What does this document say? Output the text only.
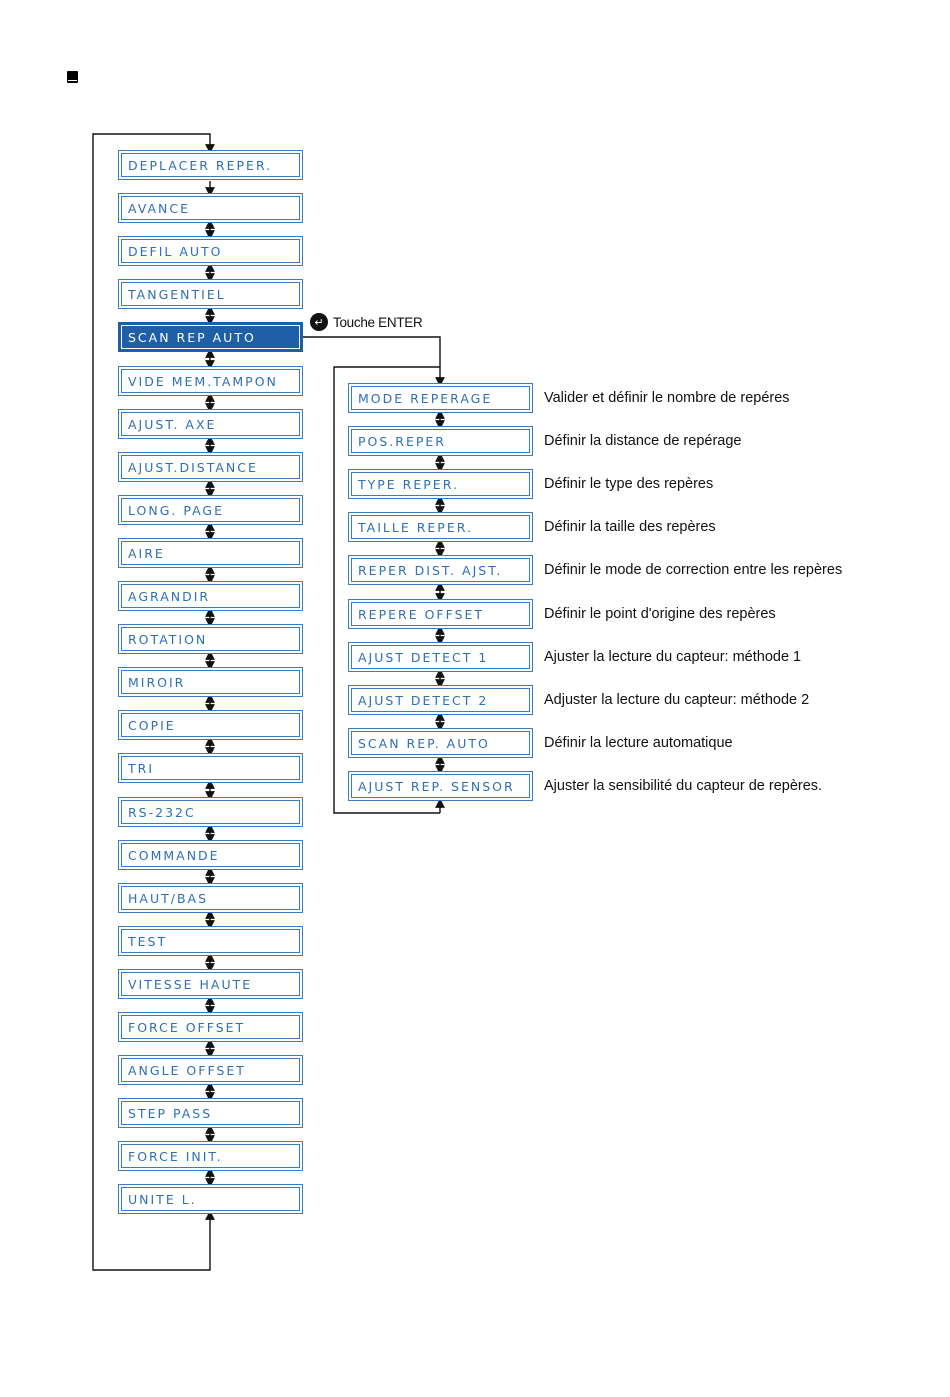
DEPLACER REPER.
AVANCE
DEFIL AUTO
TANGENTIEL
SCAN REP AUTO
VIDE MEM.TAMPON
AJUST. AXE
AJUST.DISTANCE
LONG. PAGE
AIRE
AGRANDIR
ROTATION
MIROIR
COPIE
TRI
RS-232C
COMMANDE
HAUT/BAS
TEST
VITESSE HAUTE
FORCE OFFSET
ANGLE OFFSET
STEP PASS
FORCE INIT.
UNITE L.
MODE REPERAGE
POS.REPER
TYPE REPER.
TAILLE REPER.
REPER DIST. AJST.
REPERE OFFSET
AJUST DETECT 1
AJUST DETECT 2
SCAN REP. AUTO
AJUST REP. SENSOR
Valider et définir le nombre de repéres
Définir la distance de repérage
Définir le type des repères
Définir la taille des repères
Définir le mode de correction entre les repères
Définir le point d'origine des repères
Ajuster la lecture du capteur: méthode 1
Adjuster la lecture du capteur: méthode 2
Définir la lecture automatique
Ajuster la sensibilité du capteur de repères.
↵ Touche ENTER
